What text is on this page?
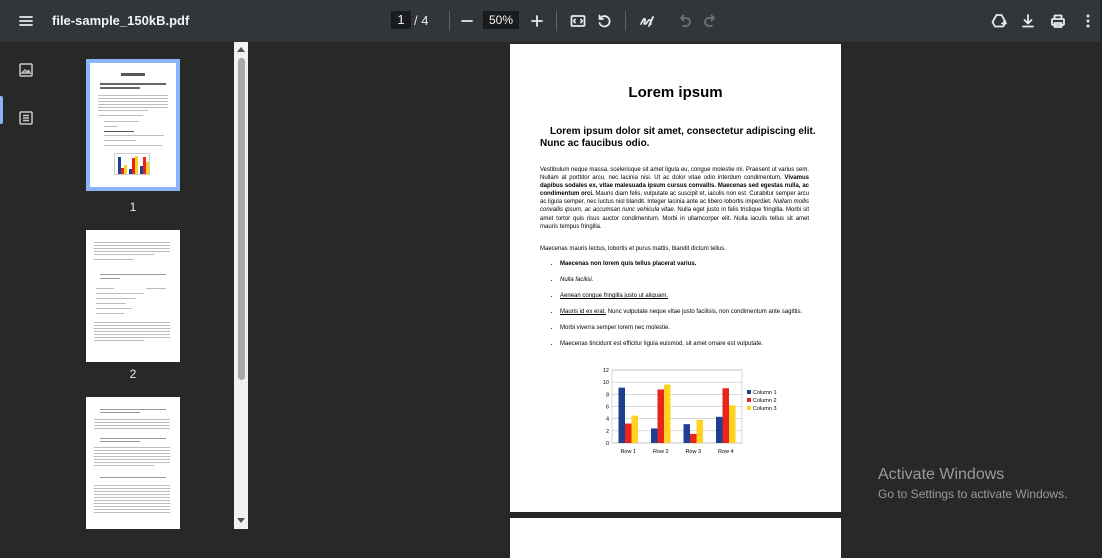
file-sample_150kB.pdf
1	/ 4
50%
1
2
Lorem ipsum
Lorem ipsum dolor sit amet, consectetur adipiscing elit. Nunc ac faucibus odio.
Vestibulum neque massa, scelerisque sit amet ligula eu, congue molestie mi. Praesent ut varius sem. Nullam at porttitor arcu, nec lacinia nisi. Ut ac dolor vitae odio interdum condimentum. Vivamus dapibus sodales ex, vitae malesuada ipsum cursus convallis. Maecenas sed egestas nulla, ac condimentum orci. Mauris diam felis, vulputate ac suscipit et, iaculis non est. Curabitur semper arcu ac ligula semper, nec luctus nisl blandit. Integer lacinia ante ac libero lobortis imperdiet. Nullam mollis convallis ipsum, ac accumsan nunc vehicula vitae. Nulla eget justo in felis tristique fringilla. Morbi sit amet tortor quis risus auctor condimentum. Morbi in ullamcorper elit. Nulla iaculis tellus sit amet mauris tempus fringilla.
Maecenas mauris lectus, lobortis et purus mattis, blandit dictum tellus.
• Maecenas non lorem quis tellus placerat varius.
• Nulla facilisi.
• Aenean congue fringilla justo ut aliquam.
• Mauris id ex erat. Nunc vulputate neque vitae justo facilisis, non condimentum ante sagittis.
• Morbi viverra semper lorem nec molestie.
• Maecenas tincidunt est efficitur ligula euismod, sit amet ornare est vulputate.
0
2
4
6
8
10
12
Row 1	Row 2	Row 3	Row 4
Column 1
Column 2
Column 3
Activate Windows
Go to Settings to activate Windows.
